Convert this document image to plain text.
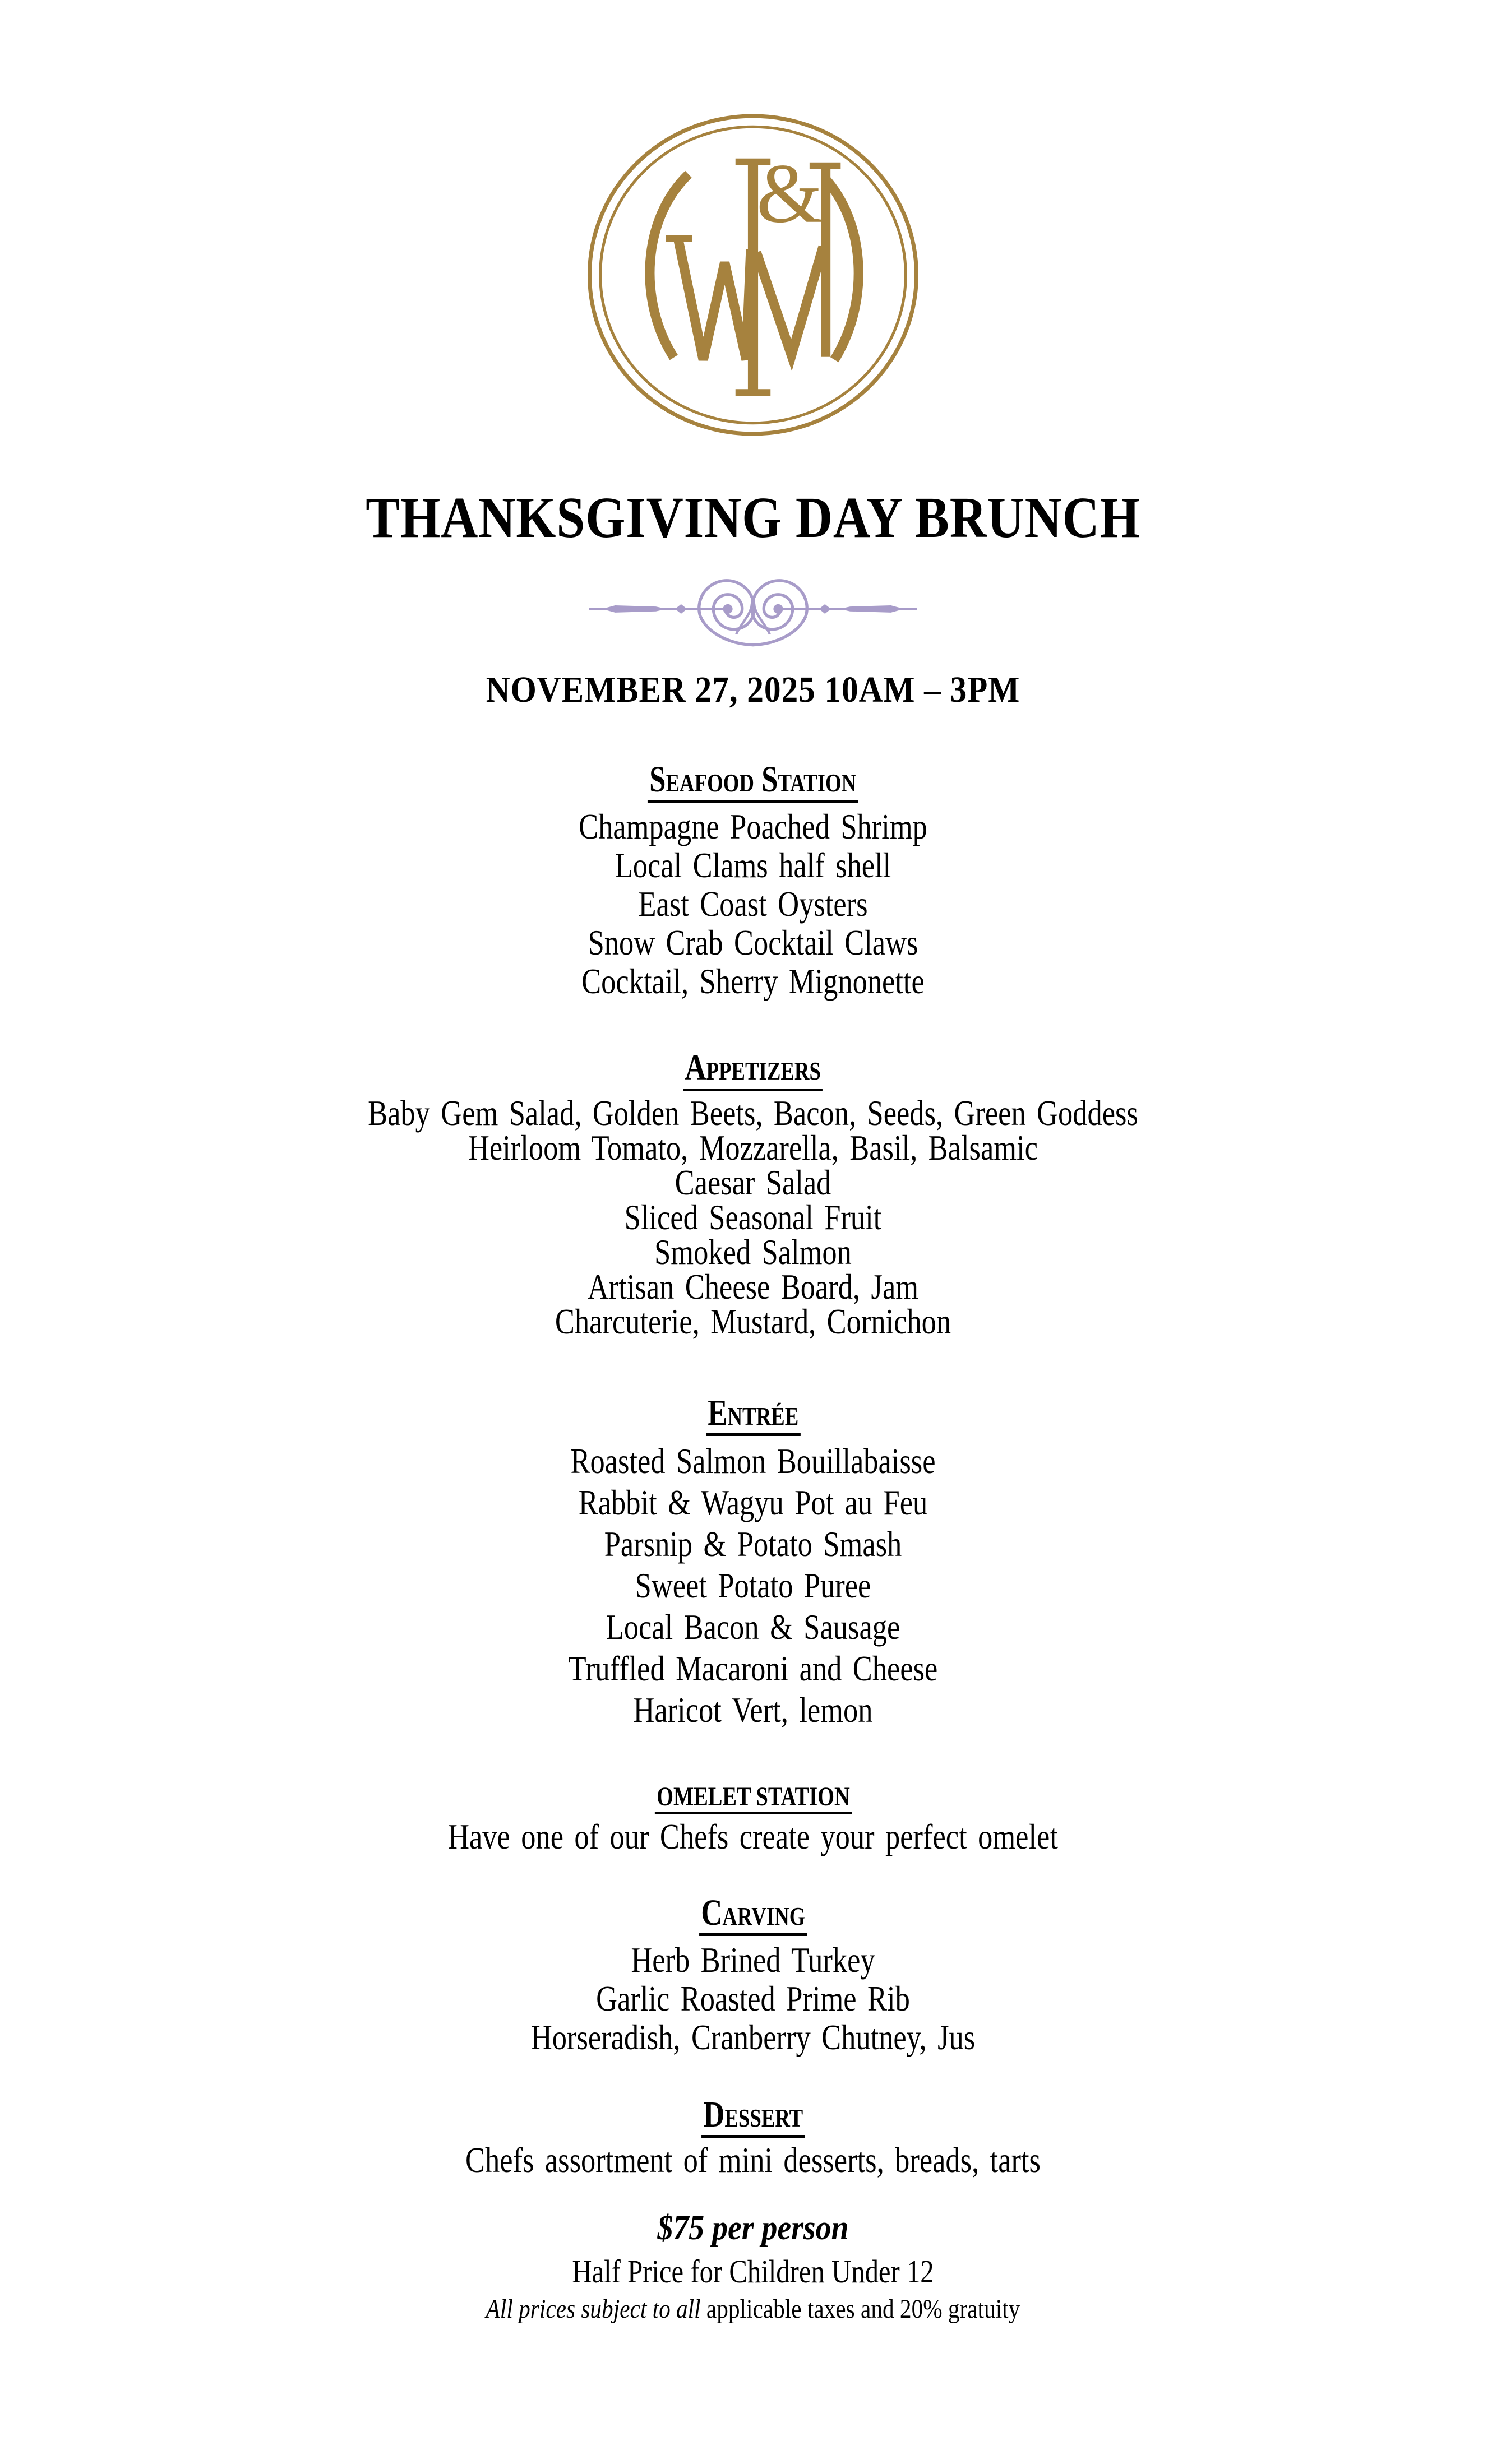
&
THANKSGIVING DAY BRUNCH
NOVEMBER 27, 2025 10AM – 3PM
Seafood Station
Champagne Poached Shrimp
Local Clams half shell
East Coast Oysters
Snow Crab Cocktail Claws
Cocktail, Sherry Mignonette
Appetizers
Baby Gem Salad, Golden Beets, Bacon, Seeds, Green Goddess
Heirloom Tomato, Mozzarella, Basil, Balsamic
Caesar Salad
Sliced Seasonal Fruit
Smoked Salmon
Artisan Cheese Board, Jam
Charcuterie, Mustard, Cornichon
Entrée
Roasted Salmon Bouillabaisse
Rabbit & Wagyu Pot au Feu
Parsnip & Potato Smash
Sweet Potato Puree
Local Bacon & Sausage
Truffled Macaroni and Cheese
Haricot Vert, lemon
OMELET STATION
Have one of our Chefs create your perfect omelet
Carving
Herb Brined Turkey
Garlic Roasted Prime Rib
Horseradish, Cranberry Chutney, Jus
Dessert
Chefs assortment of mini desserts, breads, tarts
$75 per person
Half Price for Children Under 12
All prices subject to all applicable taxes and 20% gratuity
